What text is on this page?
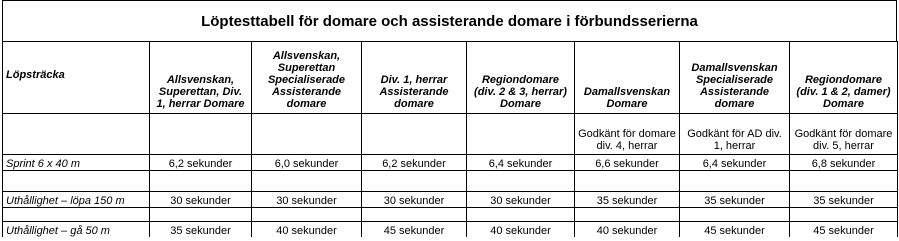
Löptesttabell för domare och assisterande domare i förbundsserierna
Löpsträcka	Allsvenskan, Superettan, Div. 1, herrar Domare	Allsvenskan, Superettan Specialiserade Assisterande domare	Div. 1, herrar Assisterande domare	Regiondomare (div. 2 & 3, herrar) Domare	Damallsvenskan Domare	Damallsvenskan Specialiserade Assisterande domare	Regiondomare (div. 1 & 2, damer) Domare
					Godkänt för domare div. 4, herrar	Godkänt för AD div. 1, herrar	Godkänt för domare div. 5, herrar
Sprint 6 x 40 m	6,2 sekunder	6,0 sekunder	6,2 sekunder	6,4 sekunder	6,6 sekunder	6,4 sekunder	6,8 sekunder

Uthållighet – löpa 150 m	30 sekunder	30 sekunder	30 sekunder	30 sekunder	35 sekunder	35 sekunder	35 sekunder

Uthållighet – gå 50 m	35 sekunder	40 sekunder	45 sekunder	40 sekunder	40 sekunder	45 sekunder	45 sekunder
